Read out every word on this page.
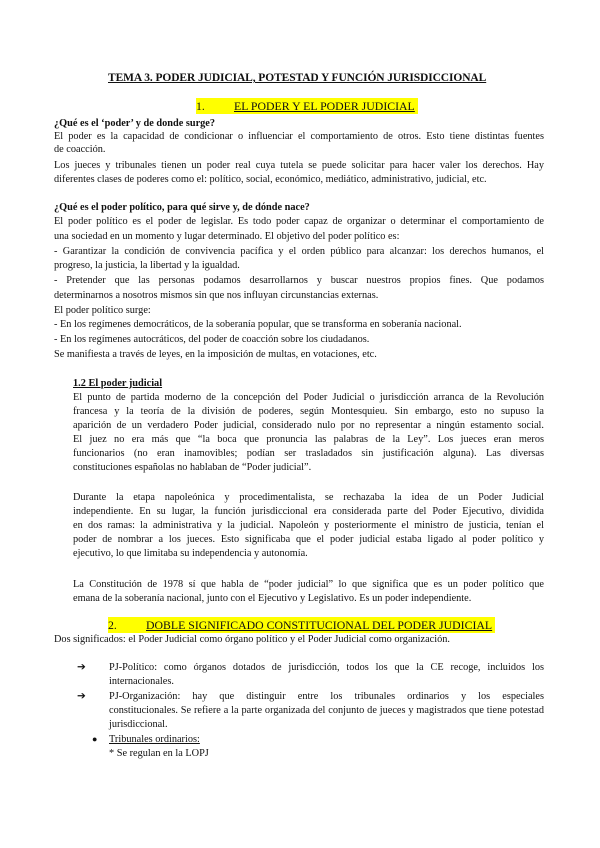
TEMA 3. PODER JUDICIAL, POTESTAD Y FUNCIÓN JURISDICCIONAL
1. EL PODER Y EL PODER JUDICIAL
¿Qué es el ‘poder’ y de donde surge?
El poder es la capacidad de condicionar o influenciar el comportamiento de otros. Esto tiene distintas fuentes
de coacción.
Los jueces y tribunales tienen un poder real cuya tutela se puede solicitar para hacer valer los derechos. Hay
diferentes clases de poderes como el: político, social, económico, mediático, administrativo, judicial, etc.
¿Qué es el poder político, para qué sirve y, de dónde nace?
El poder político es el poder de legislar. Es todo poder capaz de organizar o determinar el comportamiento de
una sociedad en un momento y lugar determinado. El objetivo del poder político es:
- Garantizar la condición de convivencia pacífica y el orden público para alcanzar: los derechos humanos, el
progreso, la justicia, la libertad y la igualdad.
- Pretender que las personas podamos desarrollarnos y buscar nuestros propios fines. Que podamos
determinarnos a nosotros mismos sin que nos influyan circunstancias externas.
El poder político surge:
- En los regímenes democráticos, de la soberanía popular, que se transforma en soberanía nacional.
- En los regímenes autocráticos, del poder de coacción sobre los ciudadanos.
Se manifiesta a través de leyes, en la imposición de multas, en votaciones, etc.
1.2 El poder judicial
El punto de partida moderno de la concepción del Poder Judicial o jurisdicción arranca de la Revolución
francesa y la teoría de la división de poderes, según Montesquieu. Sin embargo, esto no supuso la
aparición de un verdadero Poder judicial, considerado nulo por no representar a ningún estamento social.
El juez no era más que “la boca que pronuncia las palabras de la Ley”. Los jueces eran meros
funcionarios (no eran inamovibles; podían ser trasladados sin justificación alguna). Las diversas
constituciones españolas no hablaban de “Poder judicial”.
Durante la etapa napoleónica y procedimentalista, se rechazaba la idea de un Poder Judicial
independiente. En su lugar, la función jurisdiccional era considerada parte del Poder Ejecutivo, dividida
en dos ramas: la administrativa y la judicial. Napoleón y posteriormente el ministro de justicia, tenían el
poder de nombrar a los jueces. Esto significaba que el poder judicial estaba ligado al poder político y
ejecutivo, lo que limitaba su independencia y autonomía.
La Constitución de 1978 sí que habla de “poder judicial” lo que significa que es un poder político que
emana de la soberanía nacional, junto con el Ejecutivo y Legislativo. Es un poder independiente.
2. DOBLE SIGNIFICADO CONSTITUCIONAL DEL PODER JUDICIAL
Dos significados: el Poder Judicial como órgano político y el Poder Judicial como organización.
➔ PJ-Político: como órganos dotados de jurisdicción, todos los que la CE recoge, incluidos los
internacionales.
➔ PJ-Organización: hay que distinguir entre los tribunales ordinarios y los especiales
constitucionales. Se refiere a la parte organizada del conjunto de jueces y magistrados que tiene potestad
jurisdiccional.
● Tribunales ordinarios:
* Se regulan en la LOPJ
